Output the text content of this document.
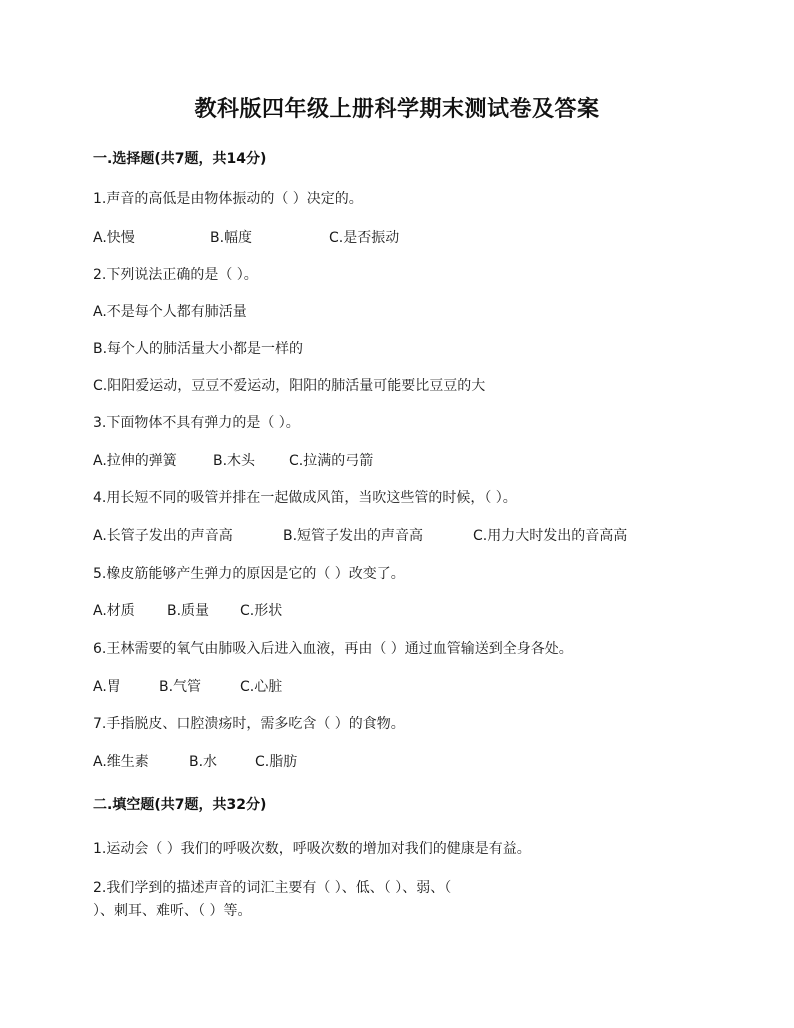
教科版四年级上册科学期末测试卷及答案
一.选择题(共7题，共14分)
1.声音的高低是由物体振动的（ ）决定的。
A.快慢	B.幅度	C.是否振动
2.下列说法正确的是（ ）。
A.不是每个人都有肺活量
B.每个人的肺活量大小都是一样的
C.阳阳爱运动，豆豆不爱运动，阳阳的肺活量可能要比豆豆的大
3.下面物体不具有弹力的是（ ）。
A.拉伸的弹簧	B.木头 C.拉满的弓箭
4.用长短不同的吸管并排在一起做成风笛，当吹这些管的时候，（ ）。
A.长管子发出的声音高	B.短管子发出的声音高	C.用力大时发出的音高高
5.橡皮筋能够产生弹力的原因是它的（ ）改变了。
A.材质 B.质量 C.形状
6.王林需要的氧气由肺吸入后进入血液，再由（ ）通过血管输送到全身各处。
A.胃	B.气管	C.心脏
7.手指脱皮、口腔溃疡时，需多吃含（ ）的食物。
A.维生素	B.水	C.脂肪
二.填空题(共7题，共32分)
1.运动会（ ）我们的呼吸次数，呼吸次数的增加对我们的健康是有益。
2.我们学到的描述声音的词汇主要有（ ）、低、（ ）、弱、（
）、刺耳、难听、（ ）等。
